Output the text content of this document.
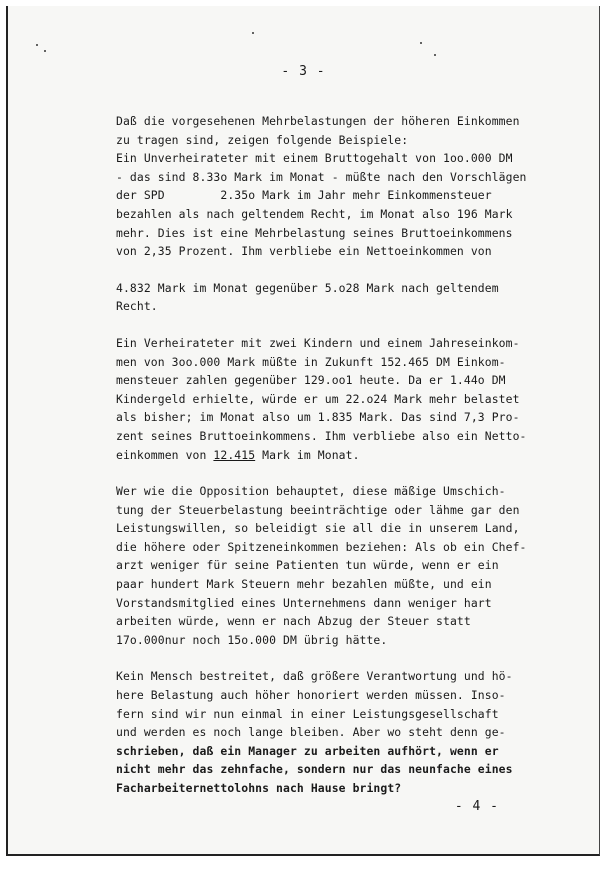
- 3 -
Daß die vorgesehenen Mehrbelastungen der höheren Einkommen
zu tragen sind, zeigen folgende Beispiele:
Ein Unverheirateter mit einem Bruttogehalt von 1oo.000 DM
- das sind 8.33o Mark im Monat - müßte nach den Vorschlägen
der SPD        2.35o Mark im Jahr mehr Einkommensteuer
bezahlen als nach geltendem Recht, im Monat also 196 Mark
mehr. Dies ist eine Mehrbelastung seines Bruttoeinkommens
von 2,35 Prozent. Ihm verbliebe ein Nettoeinkommen von
4.832 Mark im Monat gegenüber 5.o28 Mark nach geltendem
Recht.
Ein Verheirateter mit zwei Kindern und einem Jahreseinkom-
men von 3oo.000 Mark müßte in Zukunft 152.465 DM Einkom-
mensteuer zahlen gegenüber 129.oo1 heute. Da er 1.44o DM
Kindergeld erhielte, würde er um 22.o24 Mark mehr belastet
als bisher; im Monat also um 1.835 Mark. Das sind 7,3 Pro-
zent seines Bruttoeinkommens. Ihm verbliebe also ein Netto-
einkommen von 12.415 Mark im Monat.
Wer wie die Opposition behauptet, diese mäßige Umschich-
tung der Steuerbelastung beeinträchtige oder lähme gar den
Leistungswillen, so beleidigt sie all die in unserem Land,
die höhere oder Spitzeneinkommen beziehen: Als ob ein Chef-
arzt weniger für seine Patienten tun würde, wenn er ein
paar hundert Mark Steuern mehr bezahlen müßte, und ein
Vorstandsmitglied eines Unternehmens dann weniger hart
arbeiten würde, wenn er nach Abzug der Steuer statt
17o.000nur noch 15o.000 DM übrig hätte.
Kein Mensch bestreitet, daß größere Verantwortung und hö-
here Belastung auch höher honoriert werden müssen. Inso-
fern sind wir nun einmal in einer Leistungsgesellschaft
und werden es noch lange bleiben. Aber wo steht denn ge-
schrieben, daß ein Manager zu arbeiten aufhört, wenn er
nicht mehr das zehnfache, sondern nur das neunfache eines
Facharbeiternettolohns nach Hause bringt?
- 4 -
